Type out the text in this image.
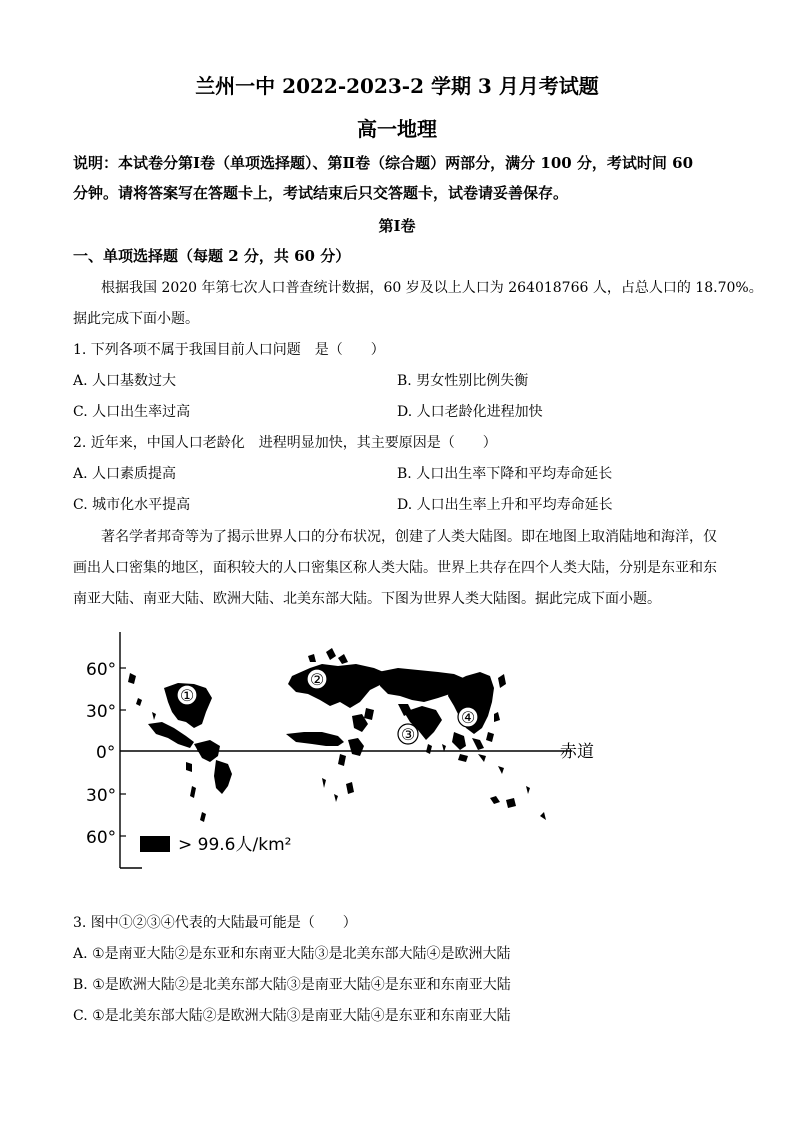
兰州一中 2022-2023-2 学期 3 月月考试题
高一地理
说明：本试卷分第Ⅰ卷（单项选择题）、第Ⅱ卷（综合题）两部分，满分 100 分，考试时间 60
分钟。请将答案写在答题卡上，考试结束后只交答题卡，试卷请妥善保存。
第Ⅰ卷
一、单项选择题（每题 2 分，共 60 分）
根据我国 2020 年第七次人口普查统计数据，60 岁及以上人口为 264018766 人，占总人口的 18.70%。
据此完成下面小题。
1. 下列各项不属于我国目前人口问题　是（　　）
A. 人口基数过大	B. 男女性别比例失衡
C. 人口出生率过高	D. 人口老龄化进程加快
2. 近年来，中国人口老龄化　进程明显加快，其主要原因是（　　）
A. 人口素质提高	B. 人口出生率下降和平均寿命延长
C. 城市化水平提高	D. 人口出生率上升和平均寿命延长
著名学者邦奇等为了揭示世界人口的分布状况，创建了人类大陆图。即在地图上取消陆地和海洋，仅
画出人口密集的地区，面积较大的人口密集区称人类大陆。世界上共存在四个人类大陆，分别是东亚和东
南亚大陆、南亚大陆、欧洲大陆、北美东部大陆。下图为世界人类大陆图。据此完成下面小题。
60°
30°
0°
30°
60°
赤道
①
②
③
④
> 99.6人/km²
3. 图中①②③④代表的大陆最可能是（　　）
A. ①是南亚大陆②是东亚和东南亚大陆③是北美东部大陆④是欧洲大陆
B. ①是欧洲大陆②是北美东部大陆③是南亚大陆④是东亚和东南亚大陆
C. ①是北美东部大陆②是欧洲大陆③是南亚大陆④是东亚和东南亚大陆
